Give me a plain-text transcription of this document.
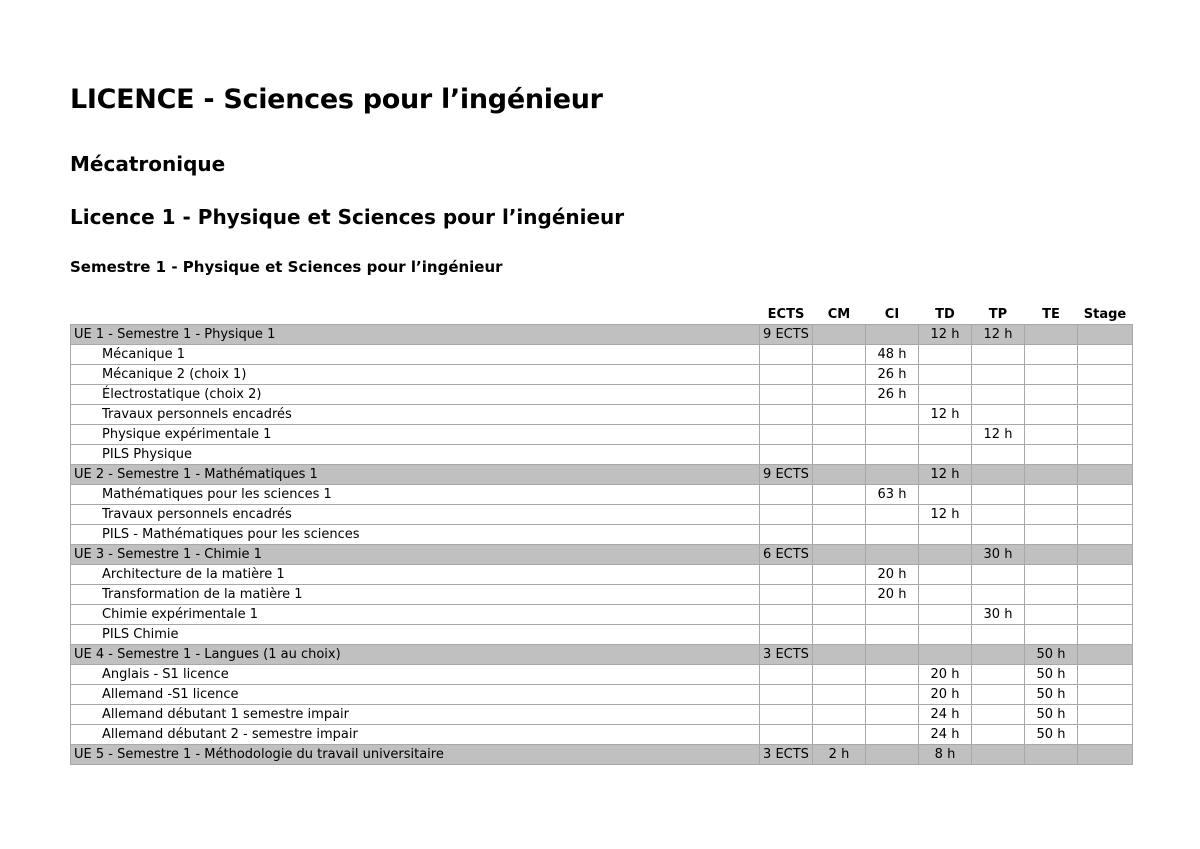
LICENCE - Sciences pour l’ingénieur
Mécatronique
Licence 1 - Physique et Sciences pour l’ingénieur
Semestre 1 - Physique et Sciences pour l’ingénieur
	ECTS	CM	CI	TD	TP	TE	Stage
UE 1 - Semestre 1 - Physique 1	9 ECTS			12 h	12 h		
Mécanique 1			48 h				
Mécanique 2 (choix 1)			26 h				
Électrostatique (choix 2)			26 h				
Travaux personnels encadrés				12 h			
Physique expérimentale 1					12 h		
PILS Physique							
UE 2 - Semestre 1 - Mathématiques 1	9 ECTS			12 h			
Mathématiques pour les sciences 1			63 h				
Travaux personnels encadrés				12 h			
PILS - Mathématiques pour les sciences							
UE 3 - Semestre 1 - Chimie 1	6 ECTS				30 h		
Architecture de la matière 1			20 h				
Transformation de la matière 1			20 h				
Chimie expérimentale 1					30 h		
PILS Chimie							
UE 4 - Semestre 1 - Langues (1 au choix)	3 ECTS					50 h	
Anglais - S1 licence				20 h		50 h	
Allemand -S1 licence				20 h		50 h	
Allemand débutant 1 semestre impair				24 h		50 h	
Allemand débutant 2 - semestre impair				24 h		50 h	
UE 5 - Semestre 1 - Méthodologie du travail universitaire	3 ECTS	2 h		8 h			
